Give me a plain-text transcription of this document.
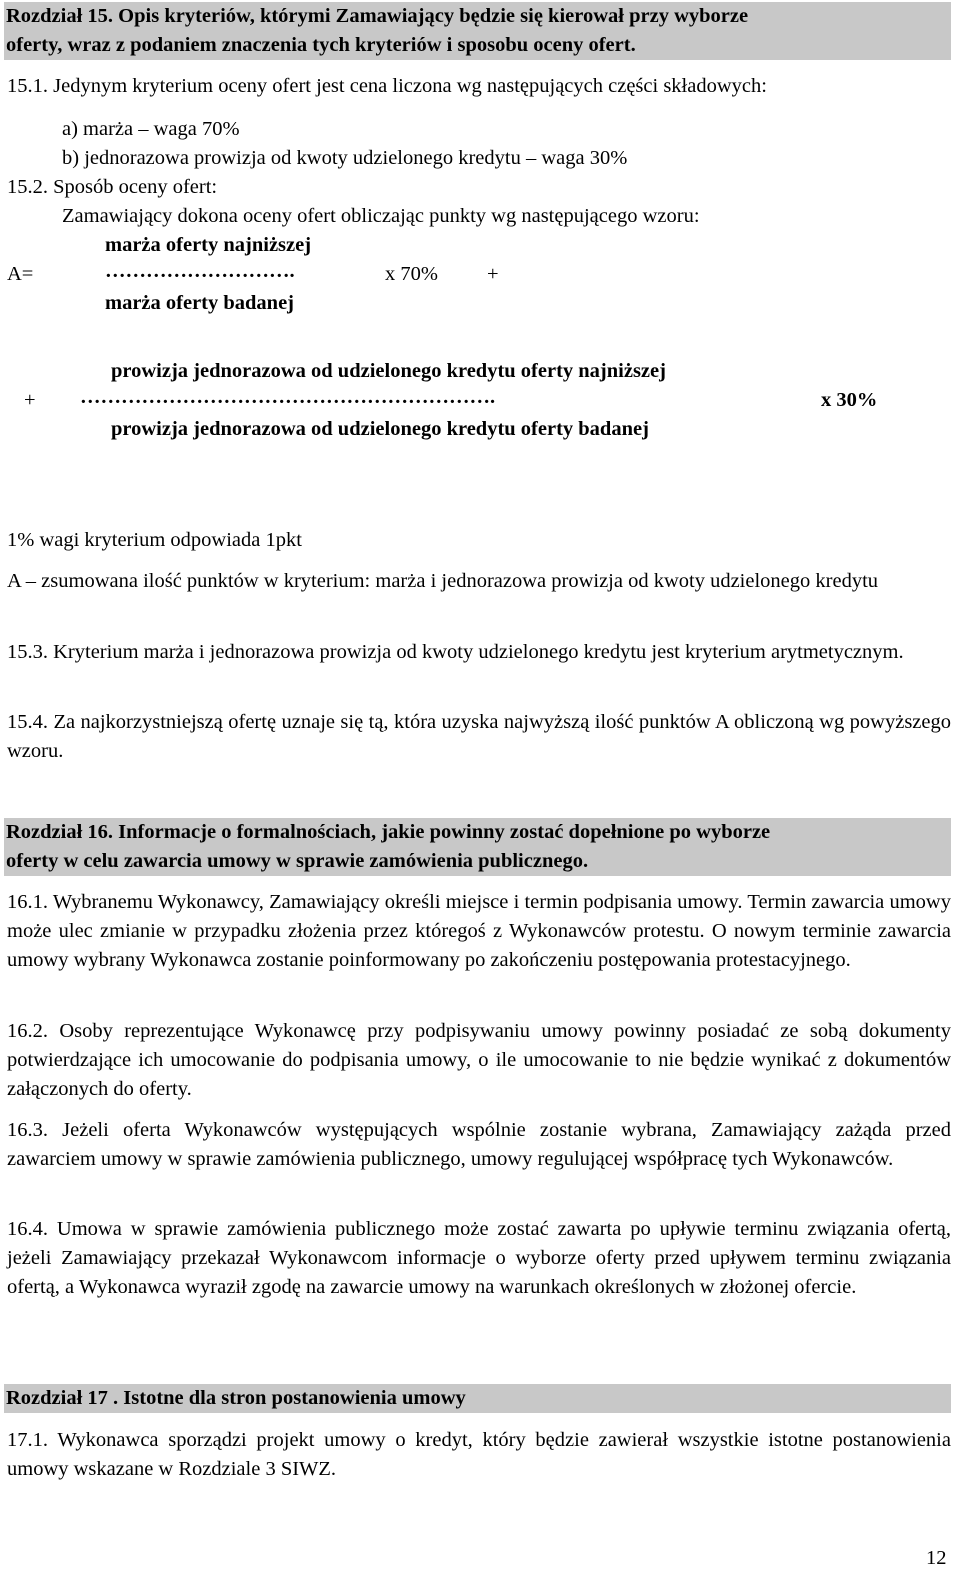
Rozdział 15. Opis kryteriów, którymi Zamawiający będzie się kierował przy wyborze
oferty, wraz z podaniem znaczenia tych kryteriów i sposobu oceny ofert.
15.1. Jedynym kryterium oceny ofert jest cena liczona wg następujących części składowych:
a) marża – waga 70%
b) jednorazowa prowizja od kwoty udzielonego kredytu – waga 30%
15.2. Sposób oceny ofert:
Zamawiający dokona oceny ofert obliczając punkty wg następującego wzoru:
marża oferty najniższej
A=	……………………….	x 70% +
marża oferty badanej
prowizja jednorazowa od udzielonego kredytu oferty najniższej
+ …………………………………………………….	x 30%
prowizja jednorazowa od udzielonego kredytu oferty badanej
1% wagi kryterium odpowiada 1pkt
A – zsumowana ilość punktów w kryterium: marża i jednorazowa prowizja od kwoty udzielonego kredytu
15.3. Kryterium marża i jednorazowa prowizja od kwoty udzielonego kredytu jest kryterium arytmetycznym.
15.4. Za najkorzystniejszą ofertę uznaje się tą, która uzyska najwyższą ilość punktów A obliczoną wg powyższego wzoru.
Rozdział 16. Informacje o formalnościach, jakie powinny zostać dopełnione po wyborze
oferty w celu zawarcia umowy w sprawie zamówienia publicznego.
16.1. Wybranemu Wykonawcy, Zamawiający określi miejsce i termin podpisania umowy. Termin zawarcia umowy może ulec zmianie w przypadku złożenia przez któregoś z Wykonawców protestu. O nowym terminie zawarcia umowy wybrany Wykonawca zostanie poinformowany po zakończeniu postępowania protestacyjnego.
16.2. Osoby reprezentujące Wykonawcę przy podpisywaniu umowy powinny posiadać ze sobą dokumenty potwierdzające ich umocowanie do podpisania umowy, o ile umocowanie to nie będzie wynikać z dokumentów załączonych do oferty.
16.3. Jeżeli oferta Wykonawców występujących wspólnie zostanie wybrana, Zamawiający zażąda przed zawarciem umowy w sprawie zamówienia publicznego, umowy regulującej współpracę tych Wykonawców.
16.4. Umowa w sprawie zamówienia publicznego może zostać zawarta po upływie terminu związania ofertą, jeżeli Zamawiający przekazał Wykonawcom informacje o wyborze oferty przed upływem terminu związania ofertą, a Wykonawca wyraził zgodę na zawarcie umowy na warunkach określonych w złożonej ofercie.
Rozdział 17 . Istotne dla stron postanowienia umowy
17.1. Wykonawca sporządzi projekt umowy o kredyt, który będzie zawierał wszystkie istotne postanowienia umowy wskazane w Rozdziale 3 SIWZ.
12
